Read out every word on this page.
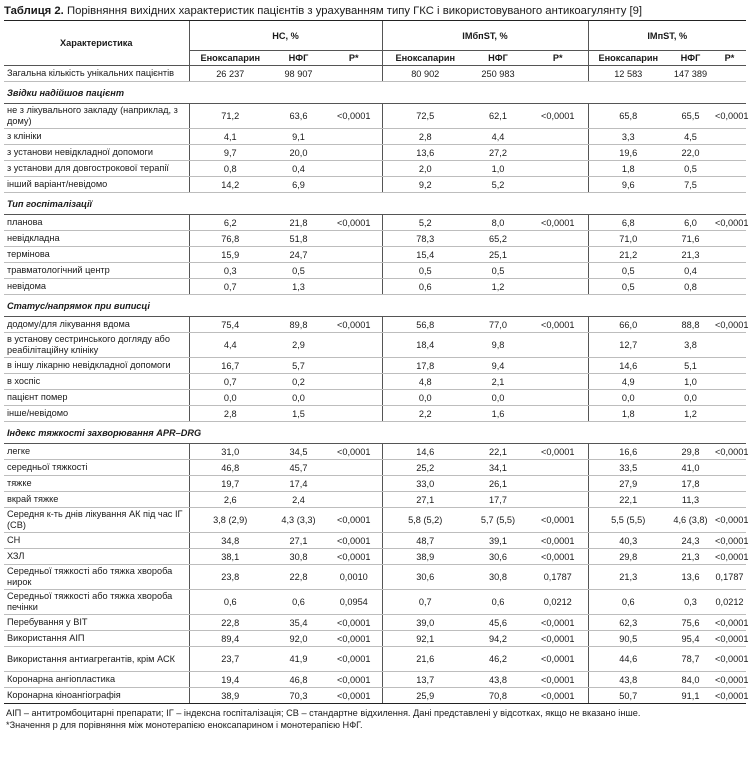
Таблиця 2. Порівняння вихідних характеристик пацієнтів з урахуванням типу ГКС і використовуваного антикоагулянту [9]
Характеристика	НС, %			ІМбпST, %			ІМпST, %		
	Еноксапарин	НФГ	Р*	Еноксапарин	НФГ	Р*	Еноксапарин	НФГ	Р*
Загальна кількість унікальних пацієнтів	26 237	98 907		80 902	250 983		12 583	147 389	
Звідки надійшов пацієнт									
не з лікувального закладу (наприклад, з дому)	71,2	63,6	<0,0001	72,5	62,1	<0,0001	65,8	65,5	<0,0001
з клініки	4,1	9,1		2,8	4,4		3,3	4,5	
з установи невідкладної допомоги	9,7	20,0		13,6	27,2		19,6	22,0	
з установи для довгострокової терапії	0,8	0,4		2,0	1,0		1,8	0,5	
інший варіант/невідомо	14,2	6,9		9,2	5,2		9,6	7,5	
Тип госпіталізації									
планова	6,2	21,8	<0,0001	5,2	8,0	<0,0001	6,8	6,0	<0,0001
невідкладна	76,8	51,8		78,3	65,2		71,0	71,6	
термінова	15,9	24,7		15,4	25,1		21,2	21,3	
травматологічний центр	0,3	0,5		0,5	0,5		0,5	0,4	
невідома	0,7	1,3		0,6	1,2		0,5	0,8	
Статус/напрямок при виписці									
додому/для лікування вдома	75,4	89,8	<0,0001	56,8	77,0	<0,0001	66,0	88,8	<0,0001
в установу сестринського догляду або реабілітаційну клініку	4,4	2,9		18,4	9,8		12,7	3,8	
в іншу лікарню невідкладної допомоги	16,7	5,7		17,8	9,4		14,6	5,1	
в хоспіс	0,7	0,2		4,8	2,1		4,9	1,0	
пацієнт помер	0,0	0,0		0,0	0,0		0,0	0,0	
інше/невідомо	2,8	1,5		2,2	1,6		1,8	1,2	
Індекс тяжкості захворювання APR–DRG									
легке	31,0	34,5	<0,0001	14,6	22,1	<0,0001	16,6	29,8	<0,0001
середньої тяжкості	46,8	45,7		25,2	34,1		33,5	41,0	
тяжке	19,7	17,4		33,0	26,1		27,9	17,8	
вкрай тяжке	2,6	2,4		27,1	17,7		22,1	11,3	
Середня к-ть днів лікування АК під час ІГ (СВ)	3,8 (2,9)	4,3 (3,3)	<0,0001	5,8 (5,2)	5,7 (5,5)	<0,0001	5,5 (5,5)	4,6 (3,8)	<0,0001
СН	34,8	27,1	<0,0001	48,7	39,1	<0,0001	40,3	24,3	<0,0001
ХЗЛ	38,1	30,8	<0,0001	38,9	30,6	<0,0001	29,8	21,3	<0,0001
Середньої тяжкості або тяжка хвороба нирок	23,8	22,8	0,0010	30,6	30,8	0,1787	21,3	13,6	0,1787
Середньої тяжкості або тяжка хвороба печінки	0,6	0,6	0,0954	0,7	0,6	0,0212	0,6	0,3	0,0212
Перебування у ВІТ	22,8	35,4	<0,0001	39,0	45,6	<0,0001	62,3	75,6	<0,0001
Використання АІП	89,4	92,0	<0,0001	92,1	94,2	<0,0001	90,5	95,4	<0,0001
Використання антиагрегантів, крім АСК	23,7	41,9	<0,0001	21,6	46,2	<0,0001	44,6	78,7	<0,0001
Коронарна ангіопластика	19,4	46,8	<0,0001	13,7	43,8	<0,0001	43,8	84,0	<0,0001
Коронарна кіноангіографія	38,9	70,3	<0,0001	25,9	70,8	<0,0001	50,7	91,1	<0,0001
АІП – антитромбоцитарні препарати; ІГ – індексна госпіталізація; СВ – стандартне відхилення. Дані представлені у відсотках, якщо не вказано інше.
*Значення р для порівняння між монотерапією еноксапарином і монотерапією НФГ.
